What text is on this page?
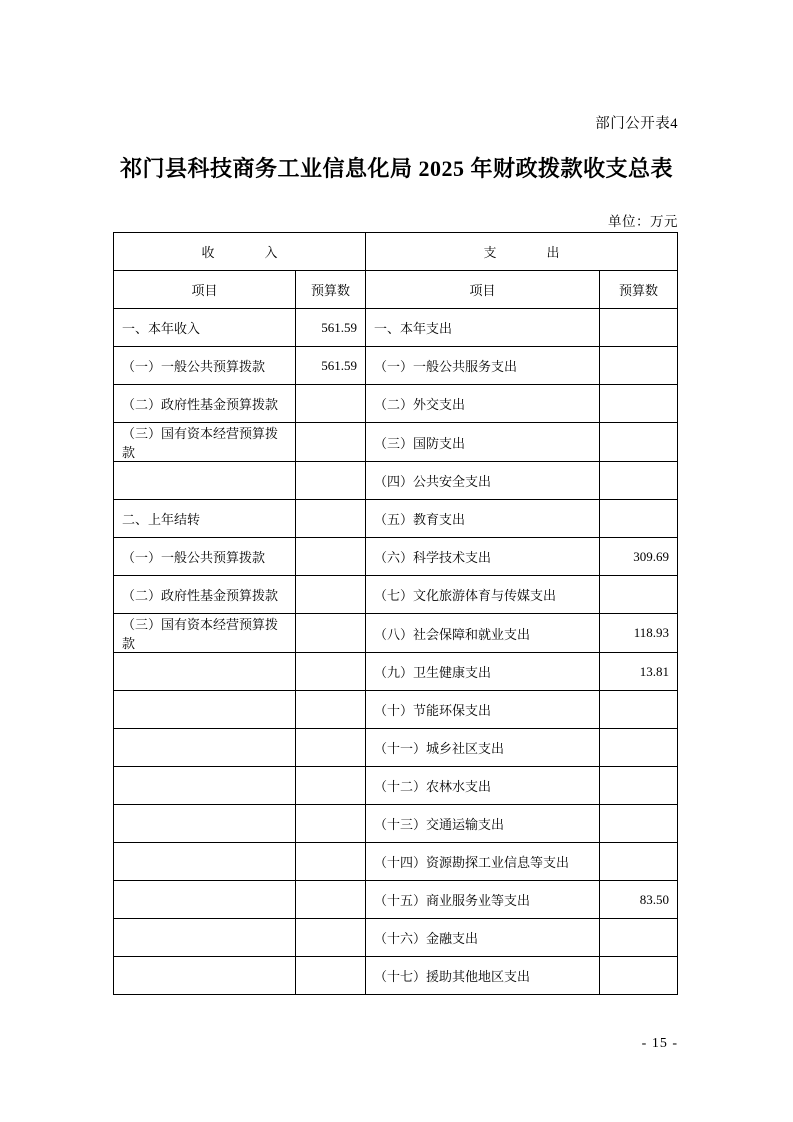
部门公开表4
祁门县科技商务工业信息化局 2025 年财政拨款收支总表
单位：万元
收　　入		支　　出	
项目	预算数	项目	预算数
一、本年收入	561.59	一、本年支出	
（一）一般公共预算拨款	561.59	（一）一般公共服务支出	
（二）政府性基金预算拨款		（二）外交支出	
（三）国有资本经营预算拨款		（三）国防支出	
		（四）公共安全支出	
二、上年结转		（五）教育支出	
（一）一般公共预算拨款		（六）科学技术支出	309.69
（二）政府性基金预算拨款		（七）文化旅游体育与传媒支出	
（三）国有资本经营预算拨款		（八）社会保障和就业支出	118.93
		（九）卫生健康支出	13.81
		（十）节能环保支出	
		（十一）城乡社区支出	
		（十二）农林水支出	
		（十三）交通运输支出	
		（十四）资源勘探工业信息等支出	
		（十五）商业服务业等支出	83.50
		（十六）金融支出	
		（十七）援助其他地区支出	
- 15 -
